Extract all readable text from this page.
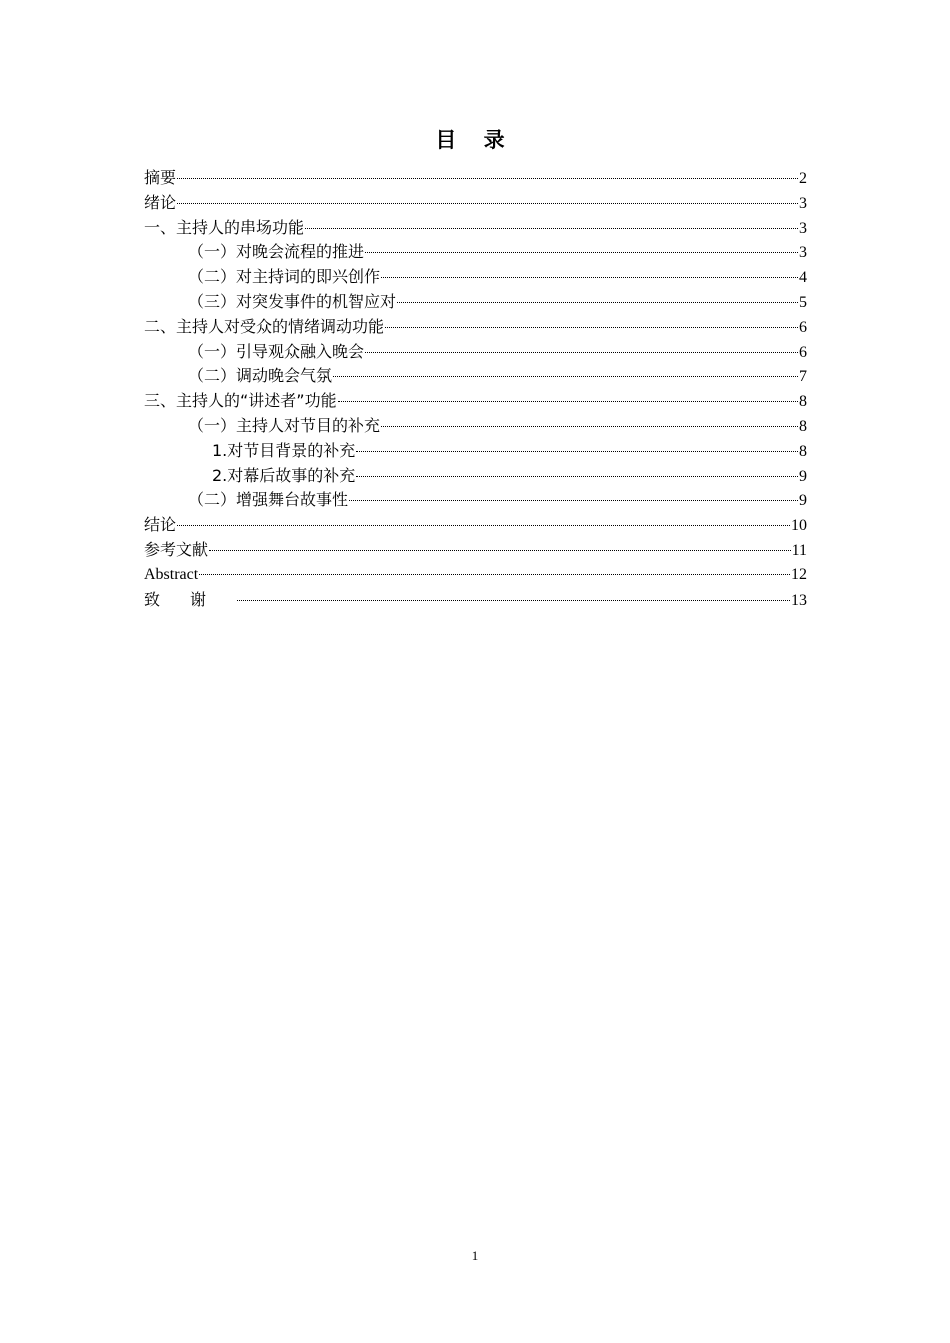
目 录
摘要	2
绪论	3
一、主持人的串场功能	3
（一）对晚会流程的推进	3
（二）对主持词的即兴创作	4
（三）对突发事件的机智应对	5
二、主持人对受众的情绪调动功能	6
（一）引导观众融入晚会	6
（二）调动晚会气氛	7
三、主持人的“讲述者”功能	8
（一）主持人对节目的补充	8
1.对节目背景的补充	8
2.对幕后故事的补充	9
（二）增强舞台故事性	9
结论	10
参考文献	11
Abstract	12
致谢	13
1
